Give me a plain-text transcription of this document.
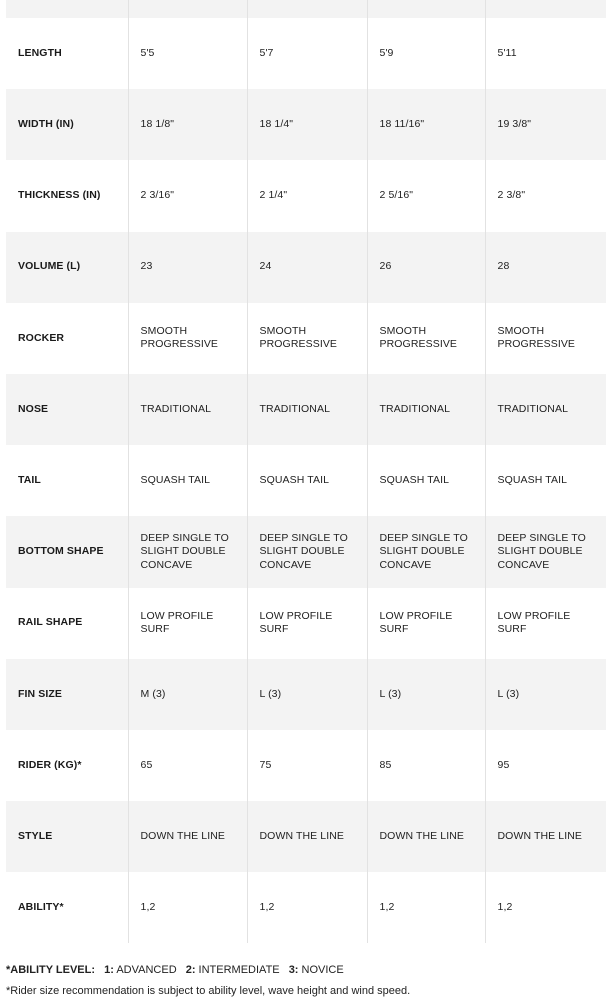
LENGTH	5'5	5'7	5'9	5'11
WIDTH (IN)	18 1/8"	18 1/4"	18 11/16"	19 3/8"
THICKNESS (IN)	2 3/16"	2 1/4"	2 5/16"	2 3/8"
VOLUME (L)	23	24	26	28
ROCKER	SMOOTH PROGRESSIVE	SMOOTH PROGRESSIVE	SMOOTH PROGRESSIVE	SMOOTH PROGRESSIVE
NOSE	TRADITIONAL	TRADITIONAL	TRADITIONAL	TRADITIONAL
TAIL	SQUASH TAIL	SQUASH TAIL	SQUASH TAIL	SQUASH TAIL
BOTTOM SHAPE	DEEP SINGLE TO SLIGHT DOUBLE CONCAVE	DEEP SINGLE TO SLIGHT DOUBLE CONCAVE	DEEP SINGLE TO SLIGHT DOUBLE CONCAVE	DEEP SINGLE TO SLIGHT DOUBLE CONCAVE
RAIL SHAPE	LOW PROFILE SURF	LOW PROFILE SURF	LOW PROFILE SURF	LOW PROFILE SURF
FIN SIZE	M (3)	L (3)	L (3)	L (3)
RIDER (KG)*	65	75	85	95
STYLE	DOWN THE LINE	DOWN THE LINE	DOWN THE LINE	DOWN THE LINE
ABILITY*	1,2	1,2	1,2	1,2
*ABILITY LEVEL: 1: ADVANCED 2: INTERMEDIATE 3: NOVICE
*Rider size recommendation is subject to ability level, wave height and wind speed.
